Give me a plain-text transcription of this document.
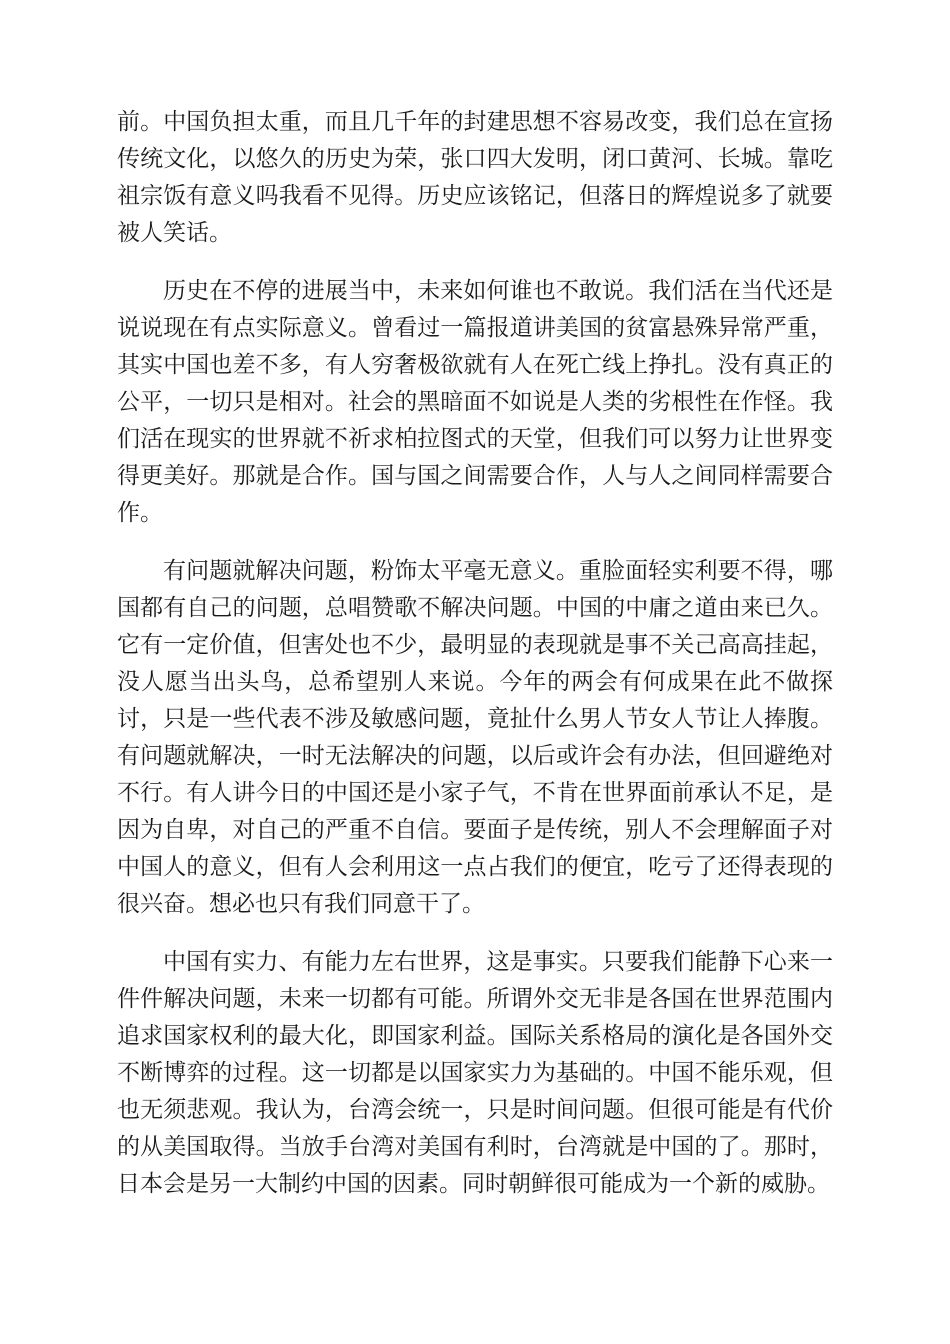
前。中国负担太重，而且几千年的封建思想不容易改变，我们总在宣扬传统文化，以悠久的历史为荣，张口四大发明，闭口黄河、长城。靠吃祖宗饭有意义吗我看不见得。历史应该铭记，但落日的辉煌说多了就要被人笑话。

历史在不停的进展当中，未来如何谁也不敢说。我们活在当代还是说说现在有点实际意义。曾看过一篇报道讲美国的贫富悬殊异常严重，其实中国也差不多，有人穷奢极欲就有人在死亡线上挣扎。没有真正的公平，一切只是相对。社会的黑暗面不如说是人类的劣根性在作怪。我们活在现实的世界就不祈求柏拉图式的天堂，但我们可以努力让世界变得更美好。那就是合作。国与国之间需要合作，人与人之间同样需要合作。

有问题就解决问题，粉饰太平毫无意义。重脸面轻实利要不得，哪国都有自己的问题，总唱赞歌不解决问题。中国的中庸之道由来已久。它有一定价值，但害处也不少，最明显的表现就是事不关己高高挂起，没人愿当出头鸟，总希望别人来说。今年的两会有何成果在此不做探讨，只是一些代表不涉及敏感问题，竟扯什么男人节女人节让人捧腹。有问题就解决，一时无法解决的问题，以后或许会有办法，但回避绝对不行。有人讲今日的中国还是小家子气，不肯在世界面前承认不足，是因为自卑，对自己的严重不自信。要面子是传统，别人不会理解面子对中国人的意义，但有人会利用这一点占我们的便宜，吃亏了还得表现的很兴奋。想必也只有我们同意干了。

中国有实力、有能力左右世界，这是事实。只要我们能静下心来一件件解决问题，未来一切都有可能。所谓外交无非是各国在世界范围内追求国家权利的最大化，即国家利益。国际关系格局的演化是各国外交不断博弈的过程。这一切都是以国家实力为基础的。中国不能乐观，但也无须悲观。我认为，台湾会统一，只是时间问题。但很可能是有代价的从美国取得。当放手台湾对美国有利时，台湾就是中国的了。那时，日本会是另一大制约中国的因素。同时朝鲜很可能成为一个新的威胁。
